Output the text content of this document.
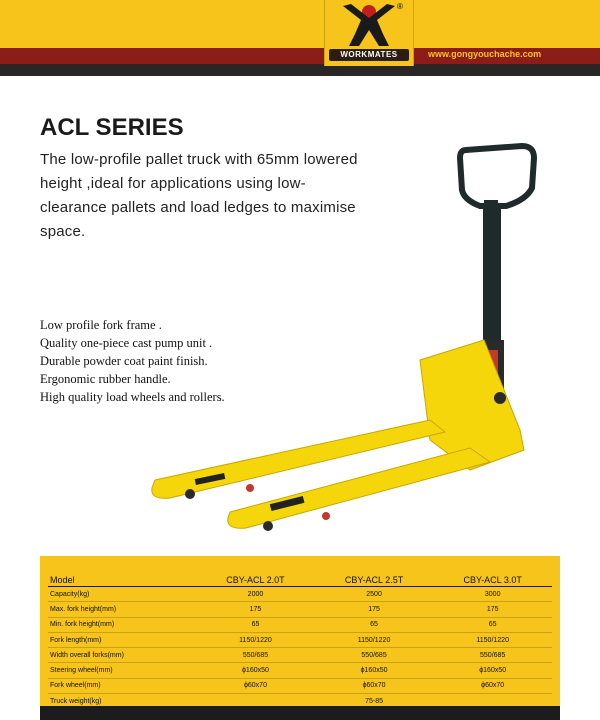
®
WORKMATES	www.gongyouchache.com
ACL SERIES

The low-profile pallet truck with 65mm lowered height ,ideal for applications using low-clearance pallets and load ledges to maximise space.

Low profile fork frame .
Quality one-piece cast pump unit .
Durable powder coat paint finish.
Ergonomic rubber handle.
High quality load wheels and rollers.
Model	CBY-ACL 2.0T	CBY-ACL 2.5T	CBY-ACL 3.0T
Capacity(kg)	2000	2500	3000
Max. fork height(mm)	175	175	175
Min. fork height(mm)	65	65	65
Fork length(mm)	1150/1220	1150/1220	1150/1220
Width overall forks(mm)	550/685	550/685	550/685
Steering wheel(mm)	ϕ160x50	ϕ160x50	ϕ160x50
Fork wheel(mm)	ϕ60x70	ϕ60x70	ϕ60x70
Truck weight(kg)		75-85	
